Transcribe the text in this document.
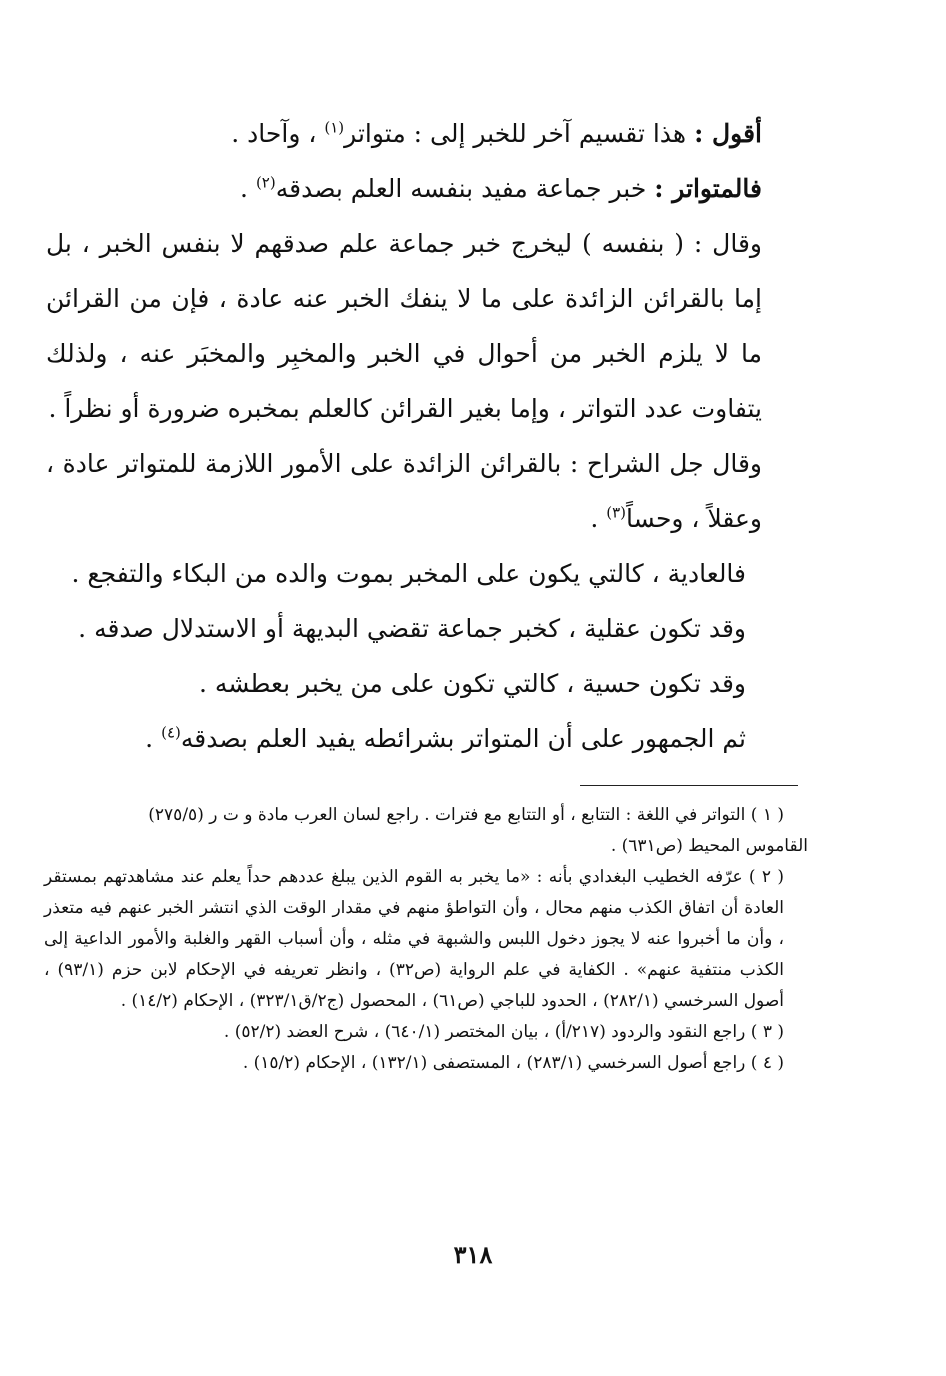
أقول : هذا تقسيم آخر للخبر إلى : متواتر$^{(١)}$ ، وآحاد .

فالمتواتر : خبر جماعة مفيد بنفسه العلم بصدقه$^{(٢)}$ .

وقال : ( بنفسه ) ليخرج خبر جماعة علم صدقهم لا بنفس الخبر ، بل إما بالقرائن الزائدة على ما لا ينفك الخبر عنه عادة ، فإن من القرائن ما لا يلزم الخبر من أحوال في الخبر والمخبِر والمخبَر عنه ، ولذلك يتفاوت عدد التواتر ، وإما بغير القرائن كالعلم بمخبره ضرورة أو نظراً .

وقال جل الشراح : بالقرائن الزائدة على الأمور اللازمة للمتواتر عادة ، وعقلاً ، وحساً$^{(٣)}$ .

فالعادية ، كالتي يكون على المخبر بموت والده من البكاء والتفجع .

وقد تكون عقلية ، كخبر جماعة تقضي البديهة أو الاستدلال صدقه .

وقد تكون حسية ، كالتي تكون على من يخبر بعطشه .

ثم الجمهور على أن المتواتر بشرائطه يفيد العلم بصدقه$^{(٤)}$ .

( ١ ) التواتر في اللغة : التتابع ، أو التتابع مع فترات . راجع لسان العرب مادة و ت ر (٢٧٥/٥)

القاموس المحيط (ص٦٣١) .

( ٢ ) عرّفه الخطيب البغدادي بأنه : «ما يخبر به القوم الذين يبلغ عددهم حداً يعلم عند مشاهدتهم بمستقر العادة أن اتفاق الكذب منهم محال ، وأن التواطؤ منهم في مقدار الوقت الذي انتشر الخبر عنهم فيه متعذر ، وأن ما أخبروا عنه لا يجوز دخول اللبس والشبهة في مثله ، وأن أسباب القهر والغلبة والأمور الداعية إلى الكذب منتفية عنهم» . الكفاية في علم الرواية (ص٣٢) ، وانظر تعريفه في الإحكام لابن حزم (٩٣/١) ، أصول السرخسي (٢٨٢/١) ، الحدود للباجي (ص٦١) ، المحصول (ج٢/ق٣٢٣/١) ، الإحكام (١٤/٢) .

( ٣ ) راجع النقود والردود (٢١٧/أ) ، بيان المختصر (٦٤٠/١) ، شرح العضد (٥٢/٢) .

( ٤ ) راجع أصول السرخسي (٢٨٣/١) ، المستصفى (١٣٢/١) ، الإحكام (١٥/٢) .

٣١٨
